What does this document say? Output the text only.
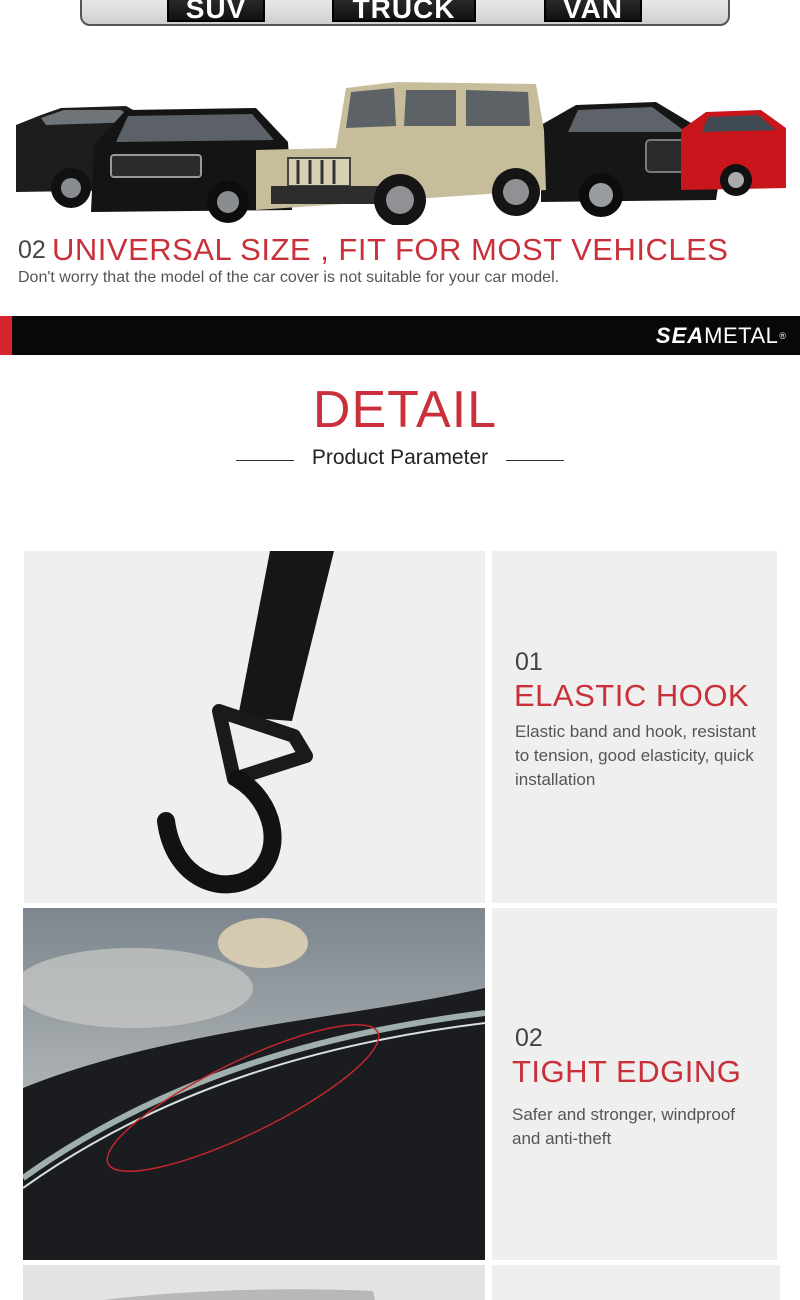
SUV	TRUCK	VAN
02 UNIVERSAL SIZE , FIT FOR MOST VEHICLES
Don't worry that the model of the car cover is not suitable for your car model.
SEAMETAL®
DETAIL
Product Parameter
01
ELASTIC HOOK
Elastic band and hook, resistant to tension, good elasticity, quick installation
02
TIGHT EDGING
Safer and stronger, windproof and anti-theft
